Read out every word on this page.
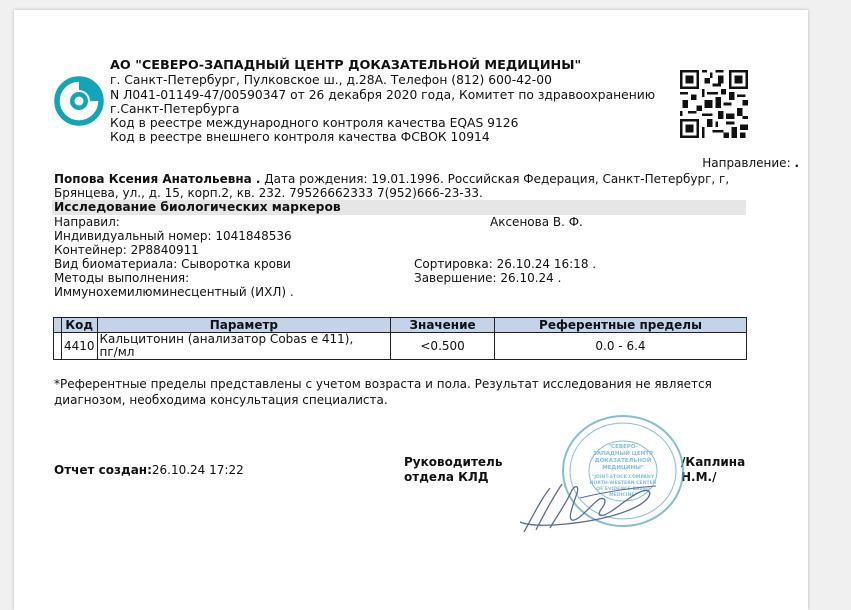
АО "СЕВЕРО-ЗАПАДНЫЙ ЦЕНТР ДОКАЗАТЕЛЬНОЙ МЕДИЦИНЫ"
г. Санкт-Петербург, Пулковское ш., д.28А. Телефон (812) 600-42-00
N Л041-01149-47/00590347 от 26 декабря 2020 года, Комитет по здравоохранению
г.Санкт-Петербурга
Код в реестре международного контроля качества EQAS 9126
Код в реестре внешнего контроля качества ФСВОК 10914
Направление: .
Попова Ксения Анатольевна . Дата рождения: 19.01.1996. Российская Федерация, Санкт-Петербург, г, Брянцева, ул., д. 15, корп.2, кв. 232. 79526662333 7(952)666-23-33.
Исследование биологических маркеров
Направил:	Аксенова В. Ф.
Индивидуальный номер: 1041848536
Контейнер: 2Р8840911
Вид биоматериала: Сыворотка крови	Сортировка: 26.10.24 16:18 .
Методы выполнения:	Завершение: 26.10.24 .
Иммунохемилюминесцентный (ИХЛ) .
	Код	Параметр	Значение	Референтные пределы
	4410	Кальцитонин (анализатор Cobas e 411),
пг/мл	<0.500	0.0 - 6.4
*Референтные пределы представлены с учетом возраста и пола. Результат исследования не является диагнозом, необходима консультация специалиста.
Отчет создан:26.10.24 17:22
Руководитель
отдела КЛД
/Каплина
Н.М./
"СЕВЕРО-
ЗАПАДНЫЙ ЦЕНТР
ДОКАЗАТЕЛЬНОЙ
МЕДИЦИНЫ"
"JOINT-STOCK COMPANY
NORTH-WESTERN CENTER
OF EVIDENCE-BASED
MEDICINE"
